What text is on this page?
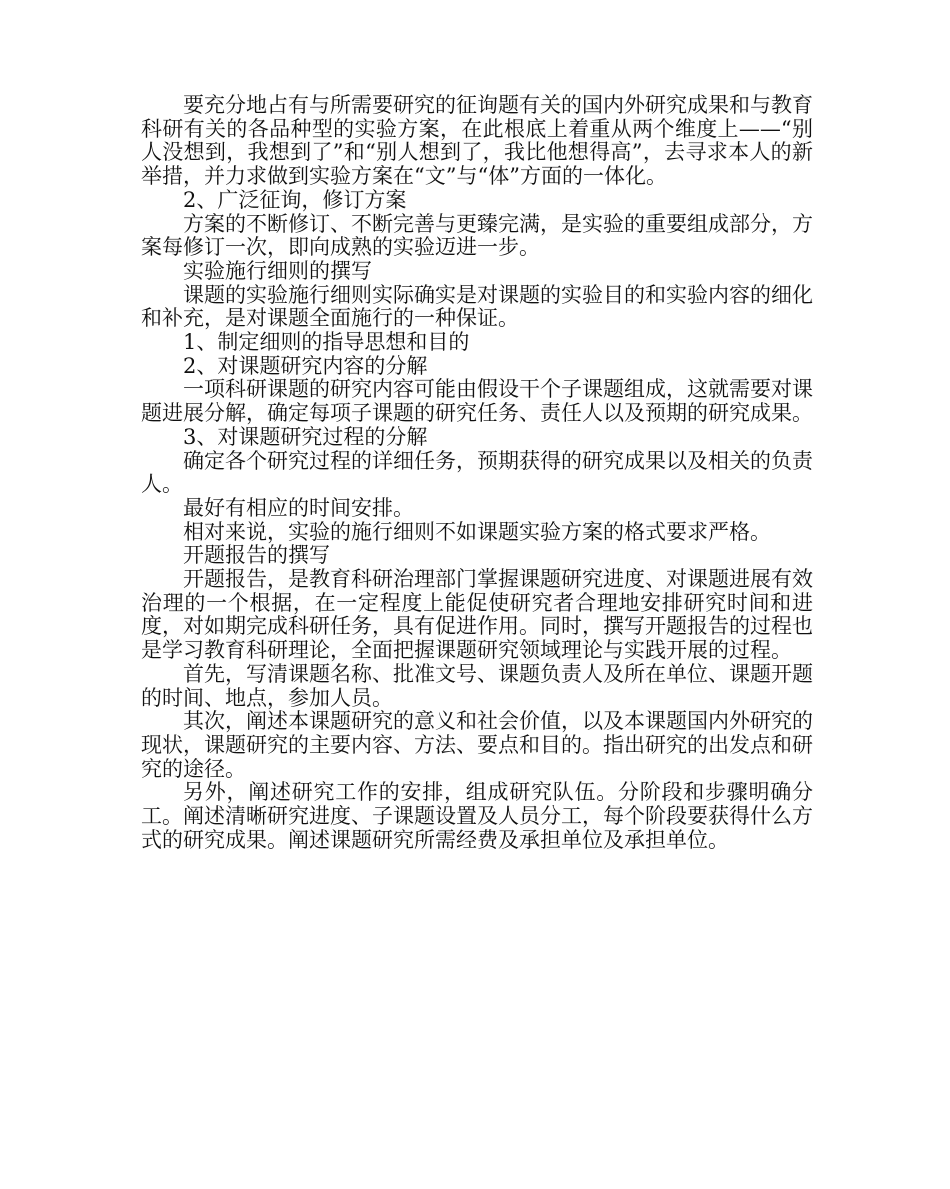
要充分地占有与所需要研究的征询题有关的国内外研究成果和与教育科研有关的各品种型的实验方案，在此根底上着重从两个维度上——“别人没想到，我想到了”和“别人想到了，我比他想得高”，去寻求本人的新举措，并力求做到实验方案在“文”与“体”方面的一体化。

2、广泛征询，修订方案

方案的不断修订、不断完善与更臻完满，是实验的重要组成部分，方案每修订一次，即向成熟的实验迈进一步。

实验施行细则的撰写

课题的实验施行细则实际确实是对课题的实验目的和实验内容的细化和补充，是对课题全面施行的一种保证。

1、制定细则的指导思想和目的

2、对课题研究内容的分解

一项科研课题的研究内容可能由假设干个子课题组成，这就需要对课题进展分解，确定每项子课题的研究任务、责任人以及预期的研究成果。

3、对课题研究过程的分解

确定各个研究过程的详细任务，预期获得的研究成果以及相关的负责人。

最好有相应的时间安排。

相对来说，实验的施行细则不如课题实验方案的格式要求严格。

开题报告的撰写

开题报告，是教育科研治理部门掌握课题研究进度、对课题进展有效治理的一个根据，在一定程度上能促使研究者合理地安排研究时间和进度，对如期完成科研任务，具有促进作用。同时，撰写开题报告的过程也是学习教育科研理论，全面把握课题研究领域理论与实践开展的过程。

首先，写清课题名称、批准文号、课题负责人及所在单位、课题开题的时间、地点，参加人员。

其次，阐述本课题研究的意义和社会价值，以及本课题国内外研究的现状，课题研究的主要内容、方法、要点和目的。指出研究的出发点和研究的途径。

另外，阐述研究工作的安排，组成研究队伍。分阶段和步骤明确分工。阐述清晰研究进度、子课题设置及人员分工，每个阶段要获得什么方式的研究成果。阐述课题研究所需经费及承担单位及承担单位。
